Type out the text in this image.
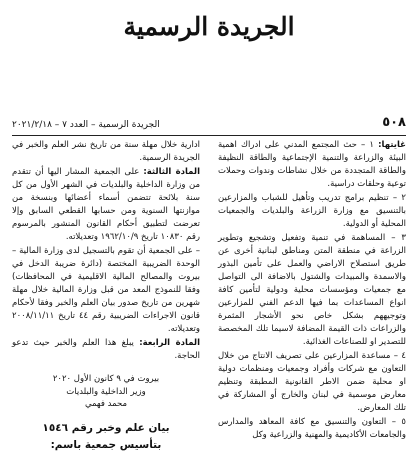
الجريدة الرسمية
٥٠٨
الجريدة الرسمية – العدد ٧ – ٢٠٢١/٢/١٨

غايتها: ١ – حث المجتمع المدني على ادراك اهمية البيئة والزراعة والتنمية الإجتماعية والطاقة النظيفة والطاقة المتجددة من خلال نشاطات وندوات وحملات توعية وحلقات دراسية.

٢ – تنظيم برامج تدريب وتأهيل للشباب والمزارعين بالتنسيق مع وزارة الزراعة والبلديات والجمعيات المحلية أو الدولية.

٣ – المساهمة في تنمية وتفعيل وتشجيع وتطوير الزراعة في منطقة المتن ومناطق لبنانية أخرى عن طريق استصلاح الاراضي والعمل على تأمين البذور والاسمدة والمبيدات والشتول بالاضافة الى التواصل مع جمعيات ومؤسسات محلية ودولية لتأمين كافة انواع المساعدات بما فيها الدعم الفني للمزارعين وتوجيههم بشكل خاص نحو الأشجار المثمرة والزراعات ذات القيمة المضافة لاسيما تلك المخصصة للتصدير او للصناعات الغذائية.

٤ – مساعدة المزارعين على تصريف الانتاج من خلال التعاون مع شركات وأفراد وجمعيات ومنظمات دولية او محلية ضمن الاطر القانونية المطبقة وتنظيم معارض موسمية في لبنان والخارج أو المشاركة في تلك المعارض.

٥ – التعاون والتنسيق مع كافة المعاهد والمدارس والجامعات الأكاديمية والمهنية والزراعية وكل

ادارية خلال مهلة سنة من تاريخ نشر العلم والخبر في الجريدة الرسمية.

المادة الثالثة: على الجمعية المشار اليها أن تتقدم من وزارة الداخلية والبلديات في الشهر الأول من كل سنة بلائحة تتضمن أسماء أعضائها وبنسخة من موازنتها السنوية ومن حسابها القطعي السابق وإلا تعرضت لتطبيق أحكام القانون المنشور بالمرسوم رقم ١٠٨٣٠ تاريخ ١٩٦٢/١٠/٩ وتعديلاته.

– على الجمعية أن تقوم بالتسجيل لدى وزارة المالية – الوحدة الضريبية المختصة (دائرة ضريبة الدخل في بيروت والمصالح المالية الاقليمية في المحافظات) وفقا للنموذج المعد من قبل وزارة المالية خلال مهلة شهرين من تاريخ صدور بيان العلم والخبر وفقا لأحكام قانون الاجراءات الضريبية رقم ٤٤ تاريخ ٢٠٠٨/١١/١١ وتعديلاته.

المادة الرابعة: يبلغ هذا العلم والخبر حيث تدعو الحاجة.

بيروت في ٩ كانون الأول ٢٠٢٠
وزير الداخلية والبلديات
محمد فهمي
بيان علم وخبر رقم ١٥٤٦
بتأسيس جمعية باسم:
